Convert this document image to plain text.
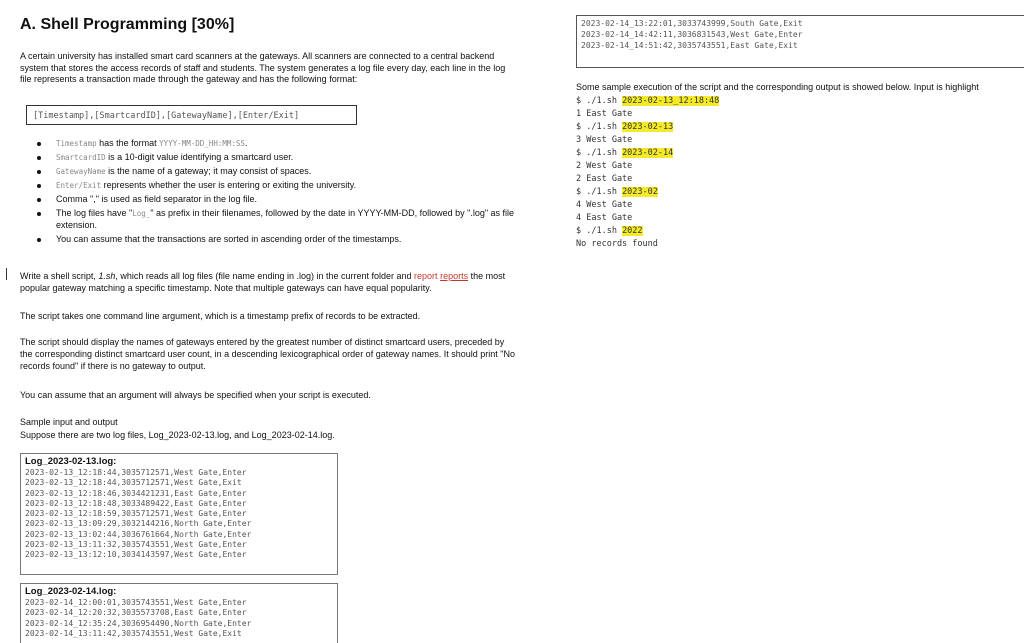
A. Shell Programming [30%]
A certain university has installed smart card scanners at the gateways. All scanners are connected to a central backend system that stores the access records of staff and students. The system generates a log file every day, each line in the log file represents a transaction made through the gateway and has the following format:
[Timestamp],[SmartcardID],[GatewayName],[Enter/Exit]
Timestamp has the format YYYY-MM-DD_HH:MM:SS.
SmartcardID is a 10-digit value identifying a smartcard user.
GatewayName is the name of a gateway; it may consist of spaces.
Enter/Exit represents whether the user is entering or exiting the university.
Comma "," is used as field separator in the log file.
The log files have "Log_" as prefix in their filenames, followed by the date in YYYY-MM-DD, followed by ".log" as file extension.
You can assume that the transactions are sorted in ascending order of the timestamps.
Write a shell script, 1.sh, which reads all log files (file name ending in .log) in the current folder and report reports the most popular gateway matching a specific timestamp. Note that multiple gateways can have equal popularity.
The script takes one command line argument, which is a timestamp prefix of records to be extracted.
The script should display the names of gateways entered by the greatest number of distinct smartcard users, preceded by the corresponding distinct smartcard user count, in a descending lexicographical order of gateway names. It should print "No records found" if there is no gateway to output.
You can assume that an argument will always be specified when your script is executed.
Sample input and output
Suppose there are two log files, Log_2023-02-13.log, and Log_2023-02-14.log.
Log_2023-02-13.log:
2023-02-13_12:18:44,3035712571,West Gate,Enter
2023-02-13_12:18:44,3035712571,West Gate,Exit
2023-02-13_12:18:46,3034421231,East Gate,Enter
2023-02-13_12:18:48,3033489422,East Gate,Enter
2023-02-13_12:18:59,3035712571,West Gate,Enter
2023-02-13_13:09:29,3032144216,North Gate,Enter
2023-02-13_13:02:44,3036761664,North Gate,Enter
2023-02-13_13:11:32,3035743551,West Gate,Enter
2023-02-13_13:12:10,3034143597,West Gate,Enter
Log_2023-02-14.log:
2023-02-14_12:00:01,3035743551,West Gate,Enter
2023-02-14_12:20:32,3035573708,East Gate,Enter
2023-02-14_12:35:24,3036954490,North Gate,Enter
2023-02-14_13:11:42,3035743551,West Gate,Exit
2023-02-14_13:22:01,3033743999,South Gate,Exit
2023-02-14_14:42:11,3036831543,West Gate,Enter
2023-02-14_14:51:42,3035743551,East Gate,Exit
Some sample execution of the script and the corresponding output is showed below. Input is highlight
$ ./1.sh 2023-02-13_12:18:48
1 East Gate
$ ./1.sh 2023-02-13
3 West Gate
$ ./1.sh 2023-02-14
2 West Gate
2 East Gate
$ ./1.sh 2023-02
4 West Gate
4 East Gate
$ ./1.sh 2022
No records found
